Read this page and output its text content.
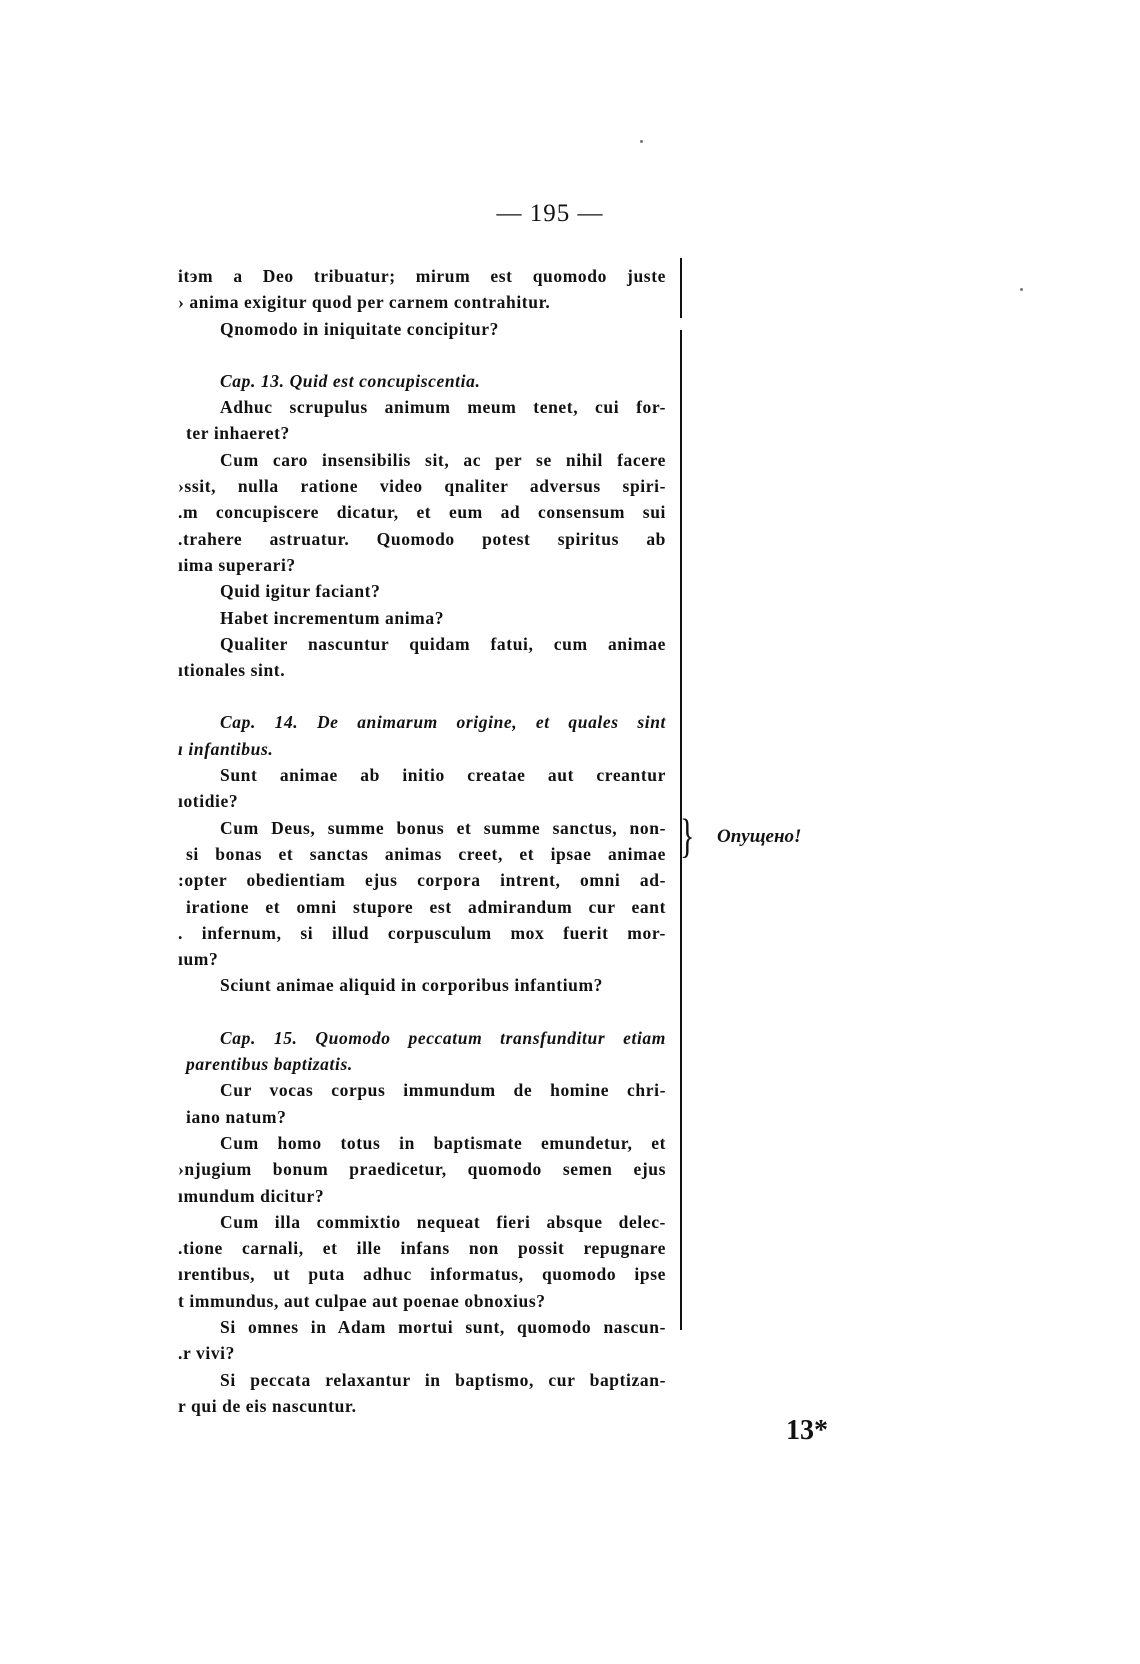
— 195 —
itэm a Deo tribuatur; mirum est quomodo juste
› anima exigitur quod per carnem contrahitur.
Qnomodo in iniquitate concipitur?
Cap. 13. Quid est concupiscentia.
Adhuc scrupulus animum meum tenet, cui for-
ter inhaeret?
Cum caro insensibilis sit, ac per se nihil facere
›ssit, nulla ratione video qnaliter adversus spiri-
.m concupiscere dicatur, et eum ad consensum sui
.trahere astruatur. Quomodo potest spiritus ab
ıima superari?
Quid igitur faciant?
Habet incrementum anima?
Qualiter nascuntur quidam fatui, cum animae
ıtionales sint.
Cap. 14. De animarum origine, et quales sint
ı infantibus.
Sunt animae ab initio creatae aut creantur
ıotidie?
Cum Deus, summe bonus et summe sanctus, non-
si bonas et sanctas animas creet, et ipsae animae
:opter obedientiam ejus corpora intrent, omni ad-
iratione et omni stupore est admirandum cur eant
. infernum, si illud corpusculum mox fuerit mor-
ıum?
Sciunt animae aliquid in corporibus infantium?
Cap. 15. Quomodo peccatum transfunditur etiam
parentibus baptizatis.
Cur vocas corpus immundum de homine chri-
iano natum?
Cum homo totus in baptismate emundetur, et
›njugium bonum praedicetur, quomodo semen ejus
ımundum dicitur?
Cum illa commixtio nequeat fieri absque delec-
.tione carnali, et ille infans non possit repugnare
ırentibus, ut puta adhuc informatus, quomodo ipse
t immundus, aut culpae aut poenae obnoxius?
Si omnes in Adam mortui sunt, quomodo nascun-
.r vivi?
Si peccata relaxantur in baptismo, cur baptizan-
r qui de eis nascuntur.
} Опущено!
13*
